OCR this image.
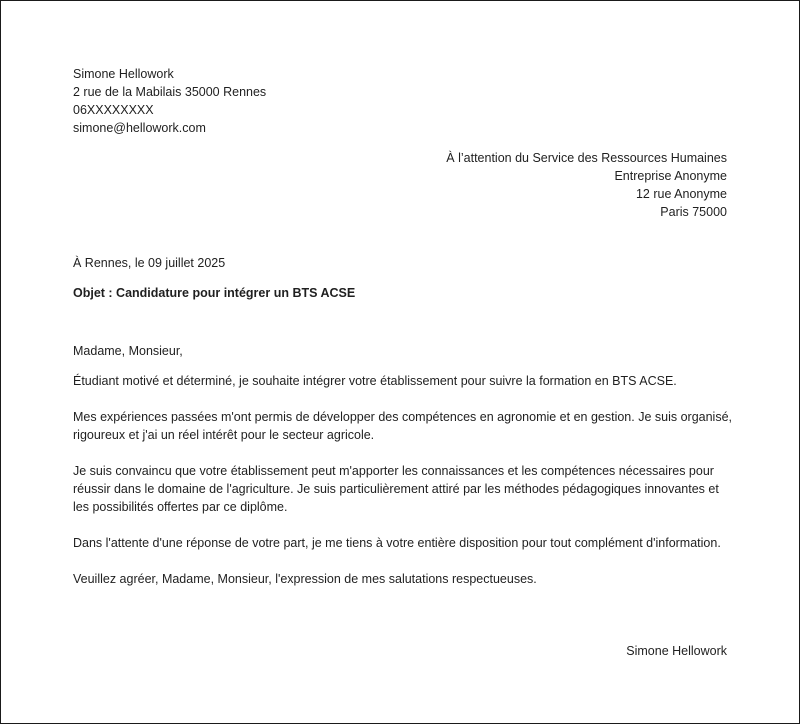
Simone Hellowork
2 rue de la Mabilais 35000 Rennes
06XXXXXXXX
simone@hellowork.com
À l’attention du Service des Ressources Humaines
Entreprise Anonyme
12 rue Anonyme
Paris 75000
À Rennes, le 09 juillet 2025
Objet : Candidature pour intégrer un BTS ACSE
Madame, Monsieur,
Étudiant motivé et déterminé, je souhaite intégrer votre établissement pour suivre la formation en BTS ACSE.
Mes expériences passées m'ont permis de développer des compétences en agronomie et en gestion. Je suis organisé, rigoureux et j'ai un réel intérêt pour le secteur agricole.
Je suis convaincu que votre établissement peut m'apporter les connaissances et les compétences nécessaires pour réussir dans le domaine de l'agriculture. Je suis particulièrement attiré par les méthodes pédagogiques innovantes et les possibilités offertes par ce diplôme.
Dans l'attente d'une réponse de votre part, je me tiens à votre entière disposition pour tout complément d'information.
Veuillez agréer, Madame, Monsieur, l'expression de mes salutations respectueuses.
Simone Hellowork
